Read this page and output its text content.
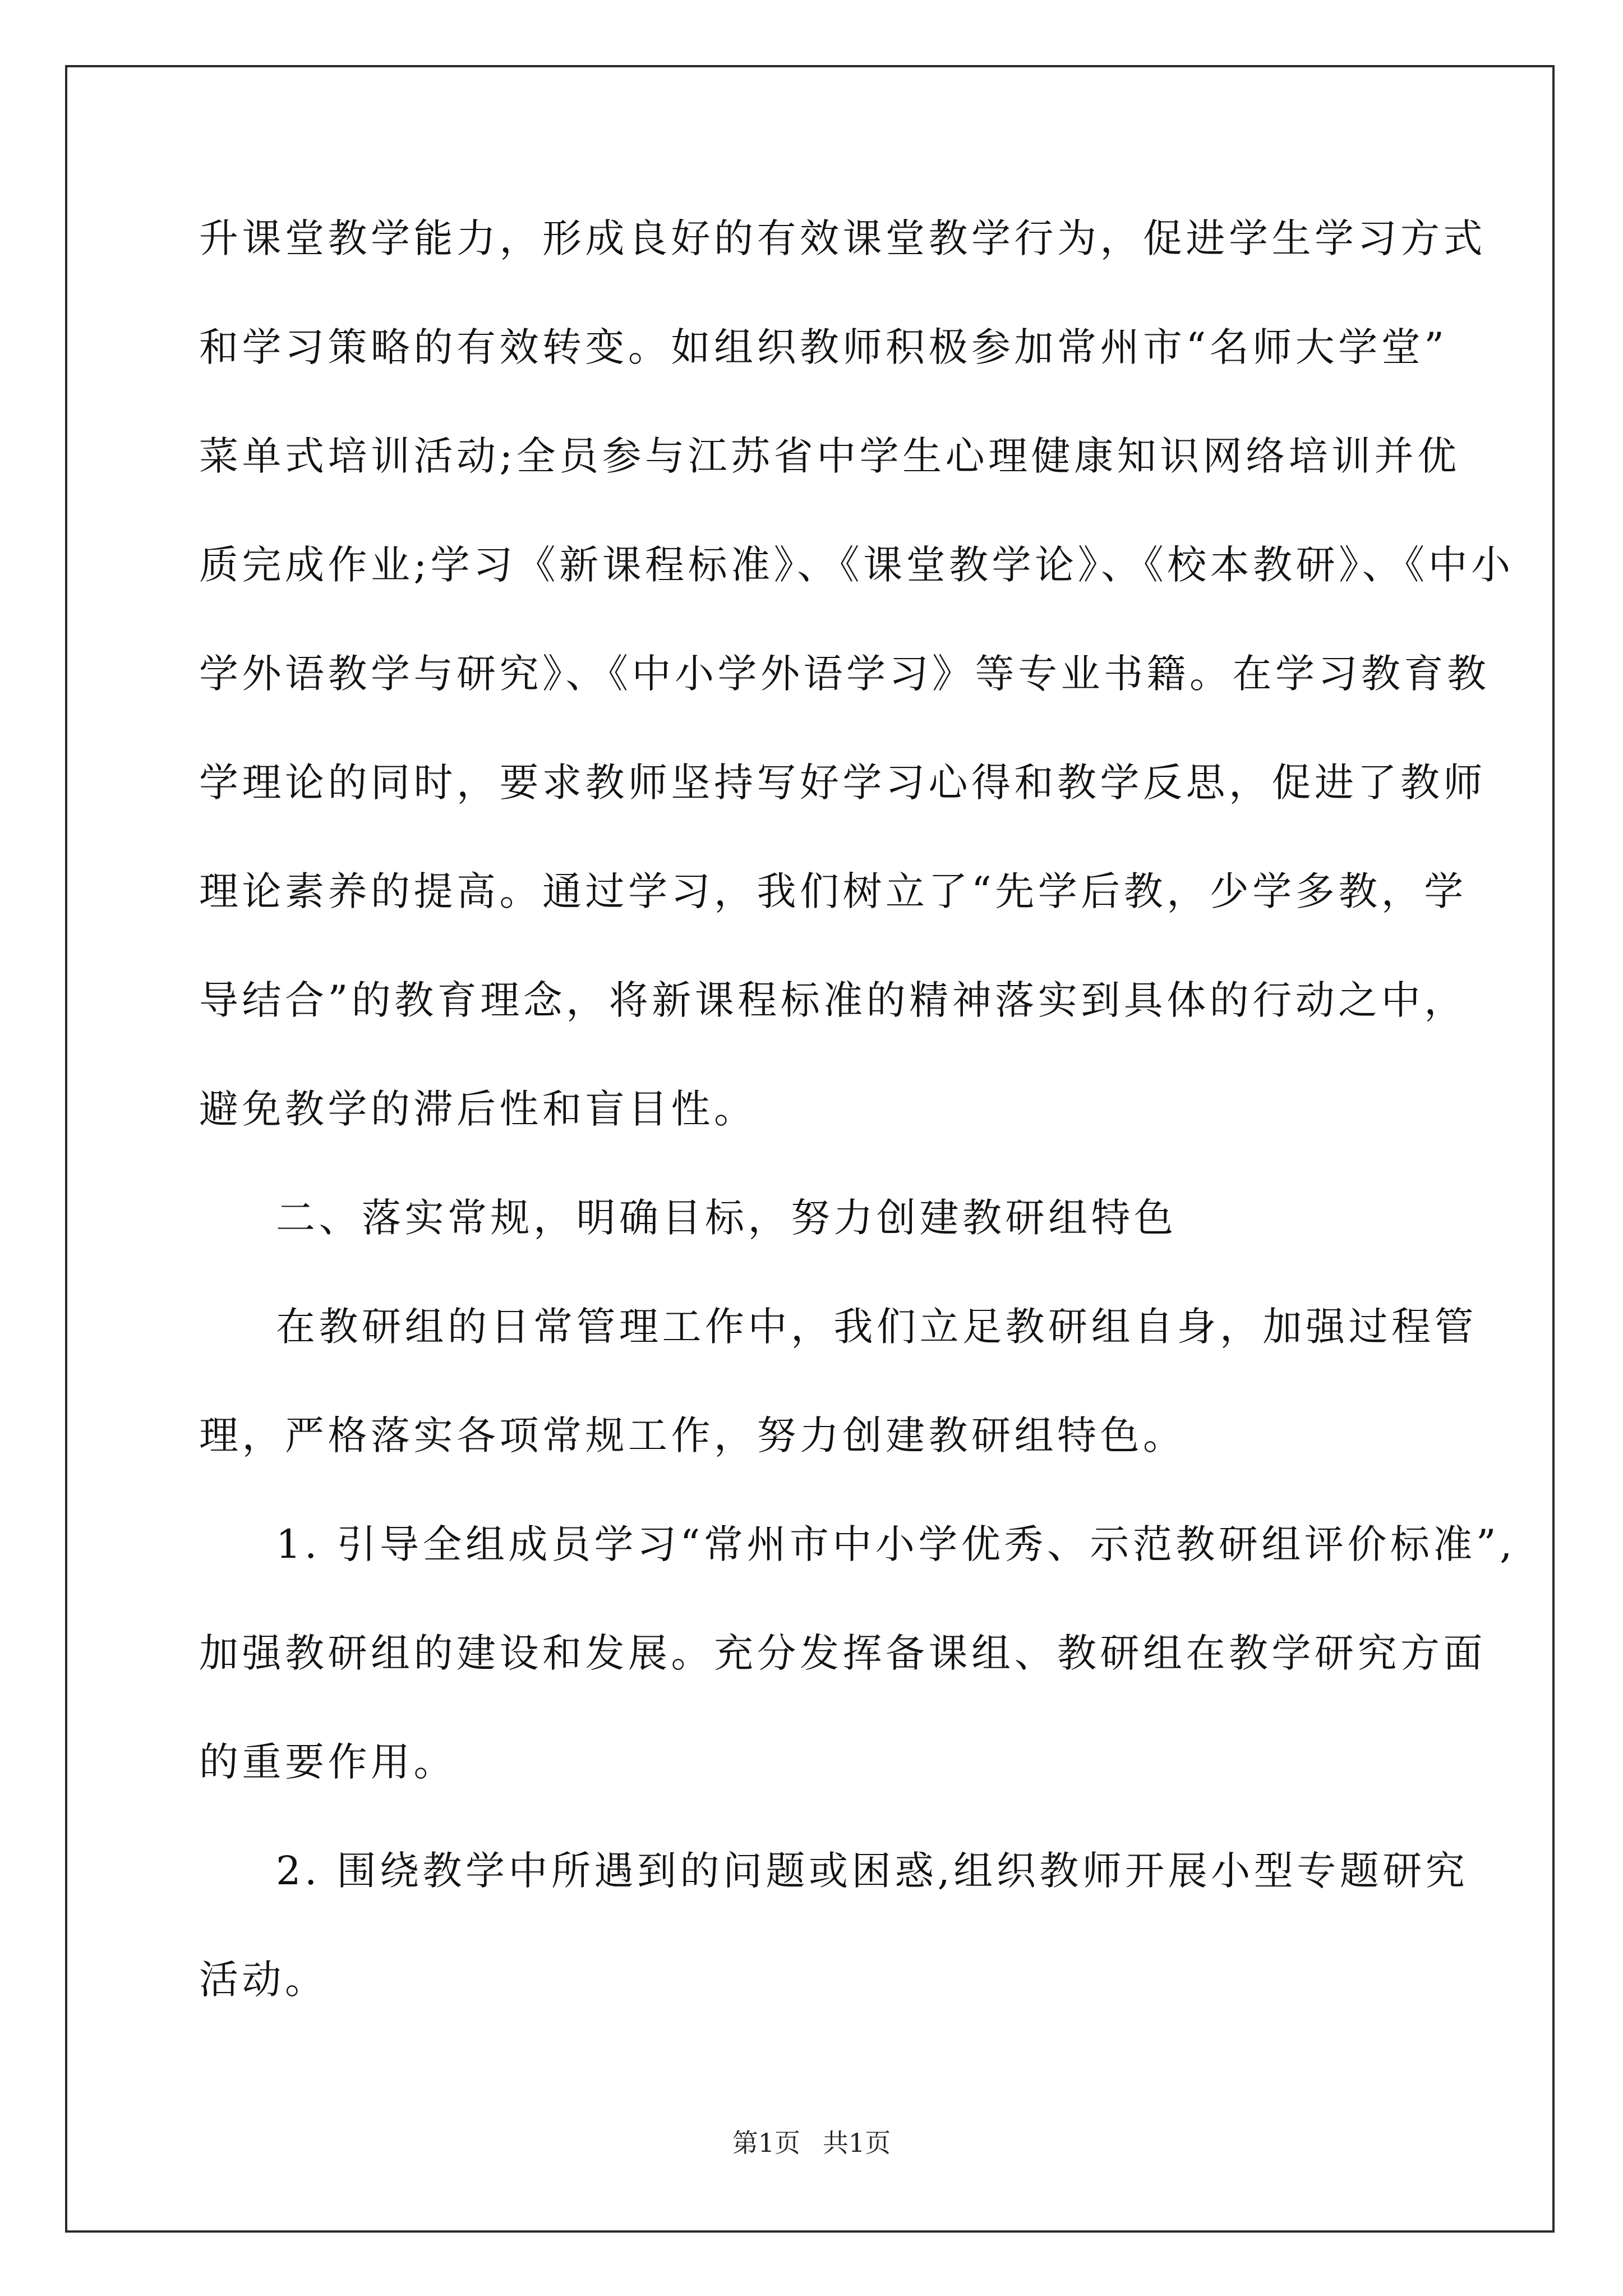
升课堂教学能力，形成良好的有效课堂教学行为，促进学生学习方式
和学习策略的有效转变。如组织教师积极参加常州市“名师大学堂”
菜单式培训活动;全员参与江苏省中学生心理健康知识网络培训并优
质完成作业;学习《新课程标准》、《课堂教学论》、《校本教研》、《中小
学外语教学与研究》、《中小学外语学习》等专业书籍。在学习教育教
学理论的同时，要求教师坚持写好学习心得和教学反思，促进了教师
理论素养的提高。通过学习，我们树立了“先学后教，少学多教，学
导结合”的教育理念，将新课程标准的精神落实到具体的行动之中，
避免教学的滞后性和盲目性。
二、落实常规，明确目标，努力创建教研组特色
在教研组的日常管理工作中，我们立足教研组自身，加强过程管
理，严格落实各项常规工作，努力创建教研组特色。
1. 引导全组成员学习“常州市中小学优秀、示范教研组评价标准”,
加强教研组的建设和发展。充分发挥备课组、教研组在教学研究方面
的重要作用。
2. 围绕教学中所遇到的问题或困惑,组织教师开展小型专题研究
活动。
第1页 共1页
